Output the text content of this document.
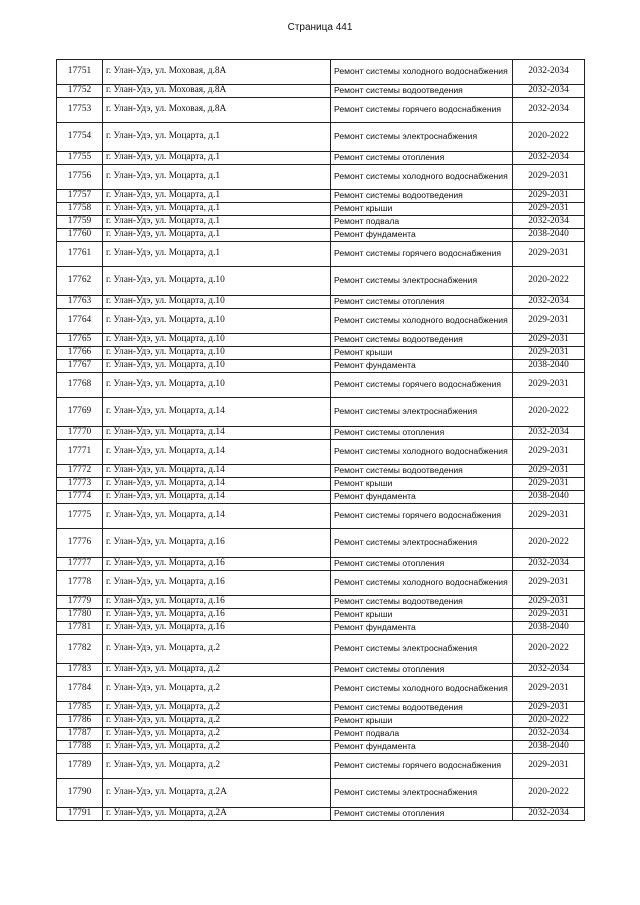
Страница 441
17751	г. Улан-Удэ, ул. Моховая, д.8А	Ремонт системы холодного водоснабжения	2032-2034
17752	г. Улан-Удэ, ул. Моховая, д.8А	Ремонт системы водоотведения	2032-2034
17753	г. Улан-Удэ, ул. Моховая, д.8А	Ремонт системы горячего водоснабжения	2032-2034
17754	г. Улан-Удэ, ул. Моцарта, д.1	Ремонт системы электроснабжения	2020-2022
17755	г. Улан-Удэ, ул. Моцарта, д.1	Ремонт системы отопления	2032-2034
17756	г. Улан-Удэ, ул. Моцарта, д.1	Ремонт системы холодного водоснабжения	2029-2031
17757	г. Улан-Удэ, ул. Моцарта, д.1	Ремонт системы водоотведения	2029-2031
17758	г. Улан-Удэ, ул. Моцарта, д.1	Ремонт крыши	2029-2031
17759	г. Улан-Удэ, ул. Моцарта, д.1	Ремонт подвала	2032-2034
17760	г. Улан-Удэ, ул. Моцарта, д.1	Ремонт фундамента	2038-2040
17761	г. Улан-Удэ, ул. Моцарта, д.1	Ремонт системы горячего водоснабжения	2029-2031
17762	г. Улан-Удэ, ул. Моцарта, д.10	Ремонт системы электроснабжения	2020-2022
17763	г. Улан-Удэ, ул. Моцарта, д.10	Ремонт системы отопления	2032-2034
17764	г. Улан-Удэ, ул. Моцарта, д.10	Ремонт системы холодного водоснабжения	2029-2031
17765	г. Улан-Удэ, ул. Моцарта, д.10	Ремонт системы водоотведения	2029-2031
17766	г. Улан-Удэ, ул. Моцарта, д.10	Ремонт крыши	2029-2031
17767	г. Улан-Удэ, ул. Моцарта, д.10	Ремонт фундамента	2038-2040
17768	г. Улан-Удэ, ул. Моцарта, д.10	Ремонт системы горячего водоснабжения	2029-2031
17769	г. Улан-Удэ, ул. Моцарта, д.14	Ремонт системы электроснабжения	2020-2022
17770	г. Улан-Удэ, ул. Моцарта, д.14	Ремонт системы отопления	2032-2034
17771	г. Улан-Удэ, ул. Моцарта, д.14	Ремонт системы холодного водоснабжения	2029-2031
17772	г. Улан-Удэ, ул. Моцарта, д.14	Ремонт системы водоотведения	2029-2031
17773	г. Улан-Удэ, ул. Моцарта, д.14	Ремонт крыши	2029-2031
17774	г. Улан-Удэ, ул. Моцарта, д.14	Ремонт фундамента	2038-2040
17775	г. Улан-Удэ, ул. Моцарта, д.14	Ремонт системы горячего водоснабжения	2029-2031
17776	г. Улан-Удэ, ул. Моцарта, д.16	Ремонт системы электроснабжения	2020-2022
17777	г. Улан-Удэ, ул. Моцарта, д.16	Ремонт системы отопления	2032-2034
17778	г. Улан-Удэ, ул. Моцарта, д.16	Ремонт системы холодного водоснабжения	2029-2031
17779	г. Улан-Удэ, ул. Моцарта, д.16	Ремонт системы водоотведения	2029-2031
17780	г. Улан-Удэ, ул. Моцарта, д.16	Ремонт крыши	2029-2031
17781	г. Улан-Удэ, ул. Моцарта, д.16	Ремонт фундамента	2038-2040
17782	г. Улан-Удэ, ул. Моцарта, д.2	Ремонт системы электроснабжения	2020-2022
17783	г. Улан-Удэ, ул. Моцарта, д.2	Ремонт системы отопления	2032-2034
17784	г. Улан-Удэ, ул. Моцарта, д.2	Ремонт системы холодного водоснабжения	2029-2031
17785	г. Улан-Удэ, ул. Моцарта, д.2	Ремонт системы водоотведения	2029-2031
17786	г. Улан-Удэ, ул. Моцарта, д.2	Ремонт крыши	2020-2022
17787	г. Улан-Удэ, ул. Моцарта, д.2	Ремонт подвала	2032-2034
17788	г. Улан-Удэ, ул. Моцарта, д.2	Ремонт фундамента	2038-2040
17789	г. Улан-Удэ, ул. Моцарта, д.2	Ремонт системы горячего водоснабжения	2029-2031
17790	г. Улан-Удэ, ул. Моцарта, д.2А	Ремонт системы электроснабжения	2020-2022
17791	г. Улан-Удэ, ул. Моцарта, д.2А	Ремонт системы отопления	2032-2034
